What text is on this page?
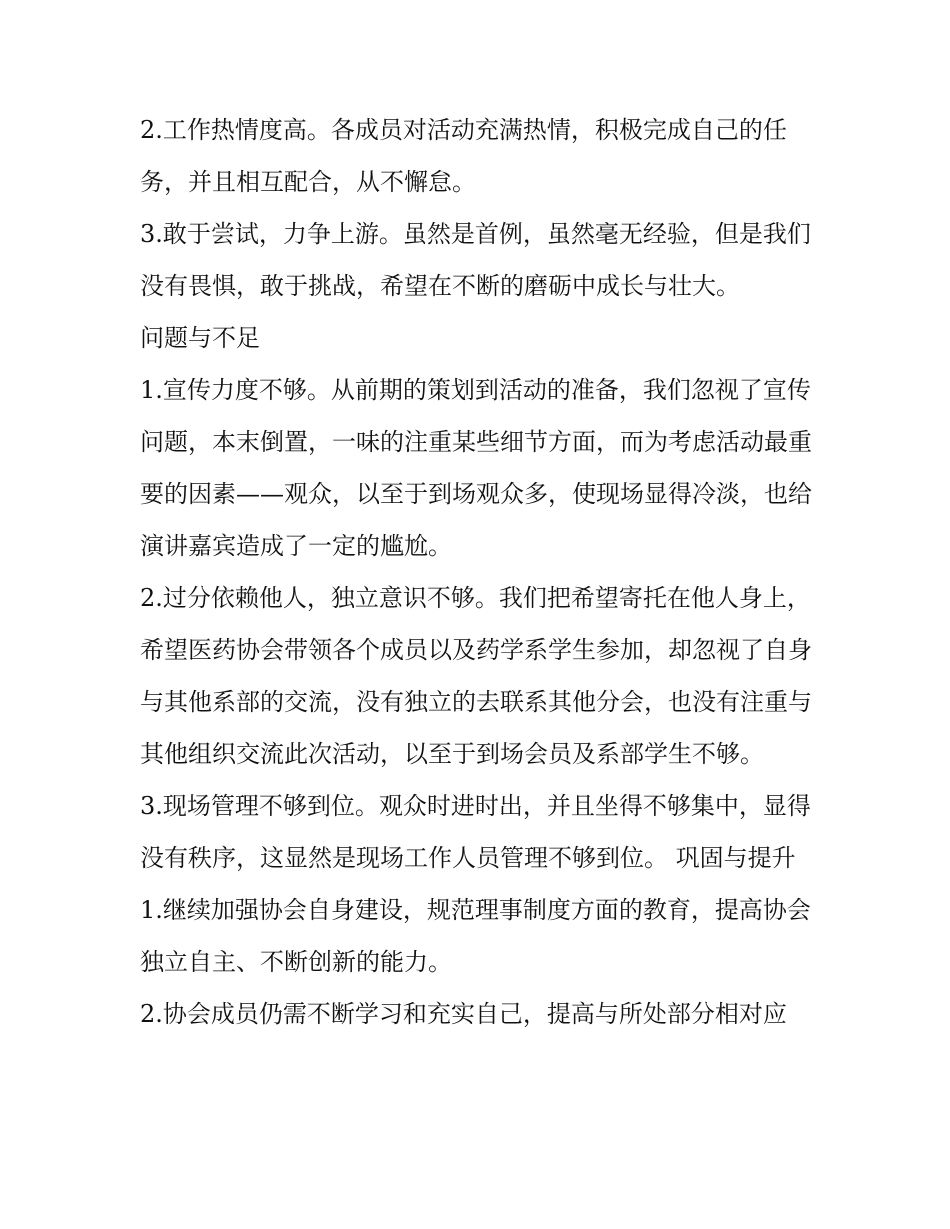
2.工作热情度高。各成员对活动充满热情，积极完成自己的任务，并且相互配合，从不懈怠。

3.敢于尝试，力争上游。虽然是首例，虽然毫无经验，但是我们没有畏惧，敢于挑战，希望在不断的磨砺中成长与壮大。

问题与不足

1.宣传力度不够。从前期的策划到活动的准备，我们忽视了宣传问题，本末倒置，一味的注重某些细节方面，而为考虑活动最重要的因素——观众，以至于到场观众多，使现场显得冷淡，也给演讲嘉宾造成了一定的尴尬。

2.过分依赖他人，独立意识不够。我们把希望寄托在他人身上，希望医药协会带领各个成员以及药学系学生参加，却忽视了自身与其他系部的交流，没有独立的去联系其他分会，也没有注重与其他组织交流此次活动，以至于到场会员及系部学生不够。

3.现场管理不够到位。观众时进时出，并且坐得不够集中，显得没有秩序，这显然是现场工作人员管理不够到位。 巩固与提升

1.继续加强协会自身建设，规范理事制度方面的教育，提高协会独立自主、不断创新的能力。

2.协会成员仍需不断学习和充实自己，提高与所处部分相对应
